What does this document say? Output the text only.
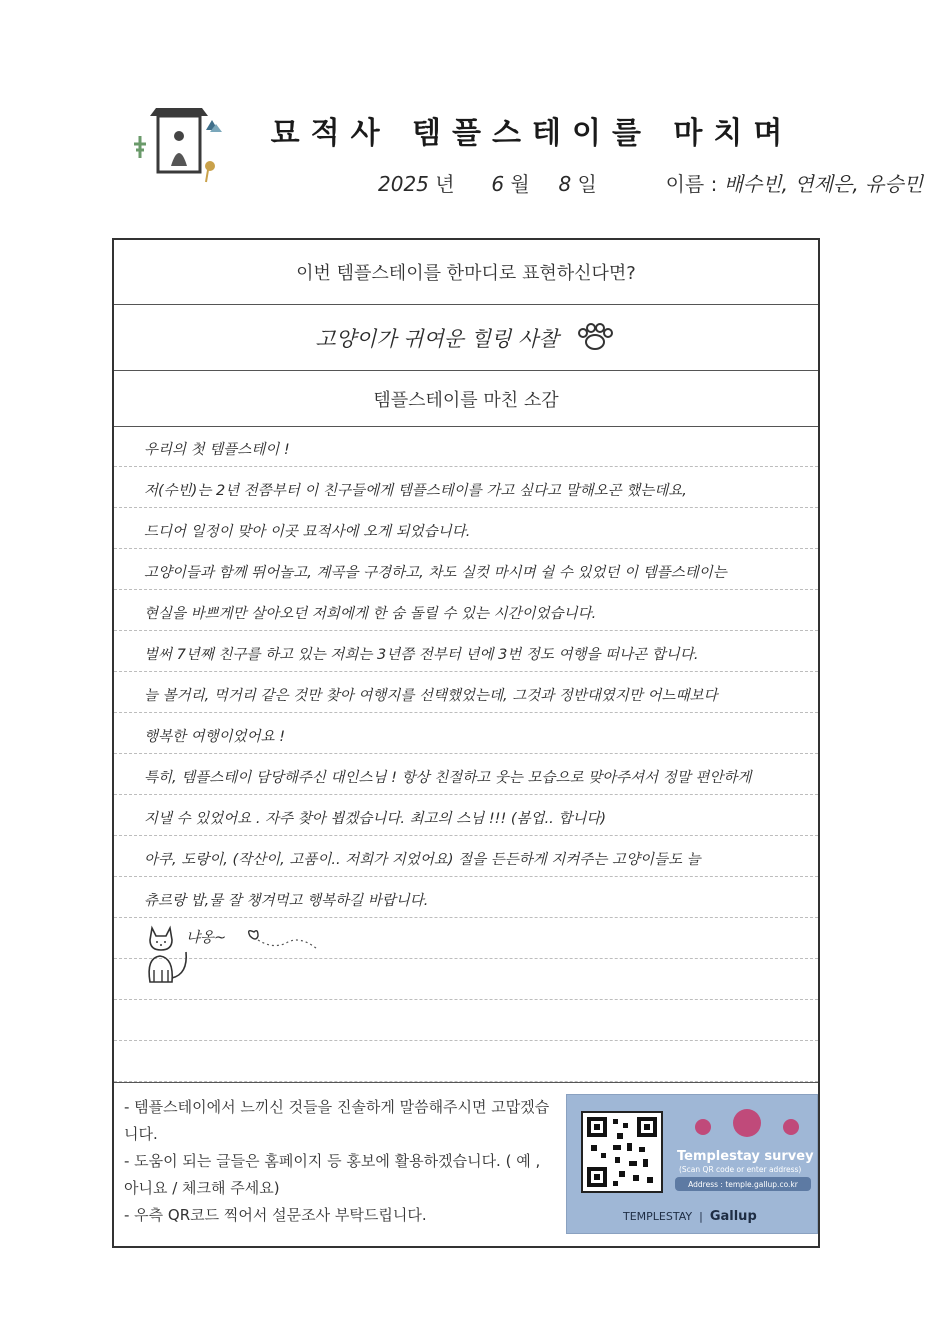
묘적사 템플스테이를 마치며
2025 년 6 월 8 일	이름 : 배수빈, 연제은, 유승민
이번 템플스테이를 한마디로 표현하신다면?
고양이가 귀여운 힐링 사찰
템플스테이를 마친 소감
우리의 첫 템플스테이 !
저(수빈)는 2년 전쯤부터 이 친구들에게 템플스테이를 가고 싶다고 말해오곤 했는데요,
드디어 일정이 맞아 이곳 묘적사에 오게 되었습니다.
고양이들과 함께 뛰어놀고, 계곡을 구경하고, 차도 실컷 마시며 쉴 수 있었던 이 템플스테이는
현실을 바쁘게만 살아오던 저희에게 한 숨 돌릴 수 있는 시간이었습니다.
벌써 7년째 친구를 하고 있는 저희는 3년쯤 전부터 년에 3번 정도 여행을 떠나곤 합니다.
늘 볼거리, 먹거리 같은 것만 찾아 여행지를 선택했었는데, 그것과 정반대였지만 어느때보다
행복한 여행이었어요 !
특히, 템플스테이 담당해주신 대인스님 ! 항상 친절하고 웃는 모습으로 맞아주셔서 정말 편안하게
지낼 수 있었어요 . 자주 찾아 뵙겠습니다. 최고의 스님 !!! (봄업.. 합니다)
아쿠, 도랑이, (작산이, 고품이.. 저희가 지었어요) 절을 든든하게 지켜주는 고양이들도 늘
츄르랑 밥,물 잘 챙겨먹고 행복하길 바랍니다.
냐옹~
- 템플스테이에서 느끼신 것들을 진솔하게 말씀해주시면 고맙겠습니다.
- 도움이 되는 글들은 홈페이지 등 홍보에 활용하겠습니다. ( 예 , 아니요 / 체크해 주세요)
- 우측 QR코드 찍어서 설문조사 부탁드립니다.
Templestay survey
(Scan QR code or enter address)
Address : temple.gallup.co.kr
TEMPLESTAY  |  Gallup
